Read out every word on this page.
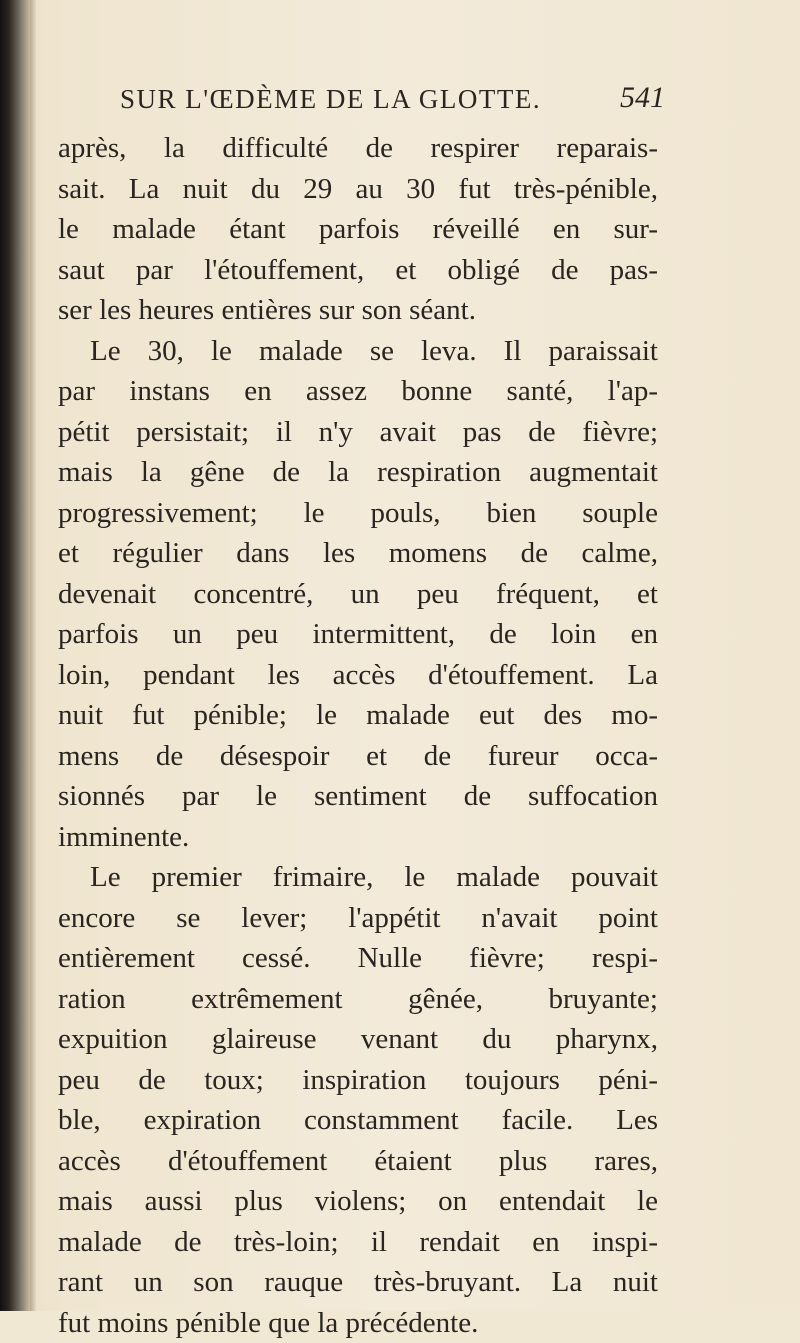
SUR L'ŒDÈME DE LA GLOTTE.	541
après, la difficulté de respirer reparais-
sait. La nuit du 29 au 30 fut très-pénible,
le malade étant parfois réveillé en sur-
saut par l'étouffement, et obligé de pas-
ser les heures entières sur son séant.
Le 30, le malade se leva. Il paraissait
par instans en assez bonne santé, l'ap-
pétit persistait; il n'y avait pas de fièvre;
mais la gêne de la respiration augmentait
progressivement; le pouls, bien souple
et régulier dans les momens de calme,
devenait concentré, un peu fréquent, et
parfois un peu intermittent, de loin en
loin, pendant les accès d'étouffement. La
nuit fut pénible; le malade eut des mo-
mens de désespoir et de fureur occa-
sionnés par le sentiment de suffocation
imminente.
Le premier frimaire, le malade pouvait
encore se lever; l'appétit n'avait point
entièrement cessé. Nulle fièvre; respi-
ration extrêmement gênée, bruyante;
expuition glaireuse venant du pharynx,
peu de toux; inspiration toujours péni-
ble, expiration constamment facile. Les
accès d'étouffement étaient plus rares,
mais aussi plus violens; on entendait le
malade de très-loin; il rendait en inspi-
rant un son rauque très-bruyant. La nuit
fut moins pénible que la précédente.
